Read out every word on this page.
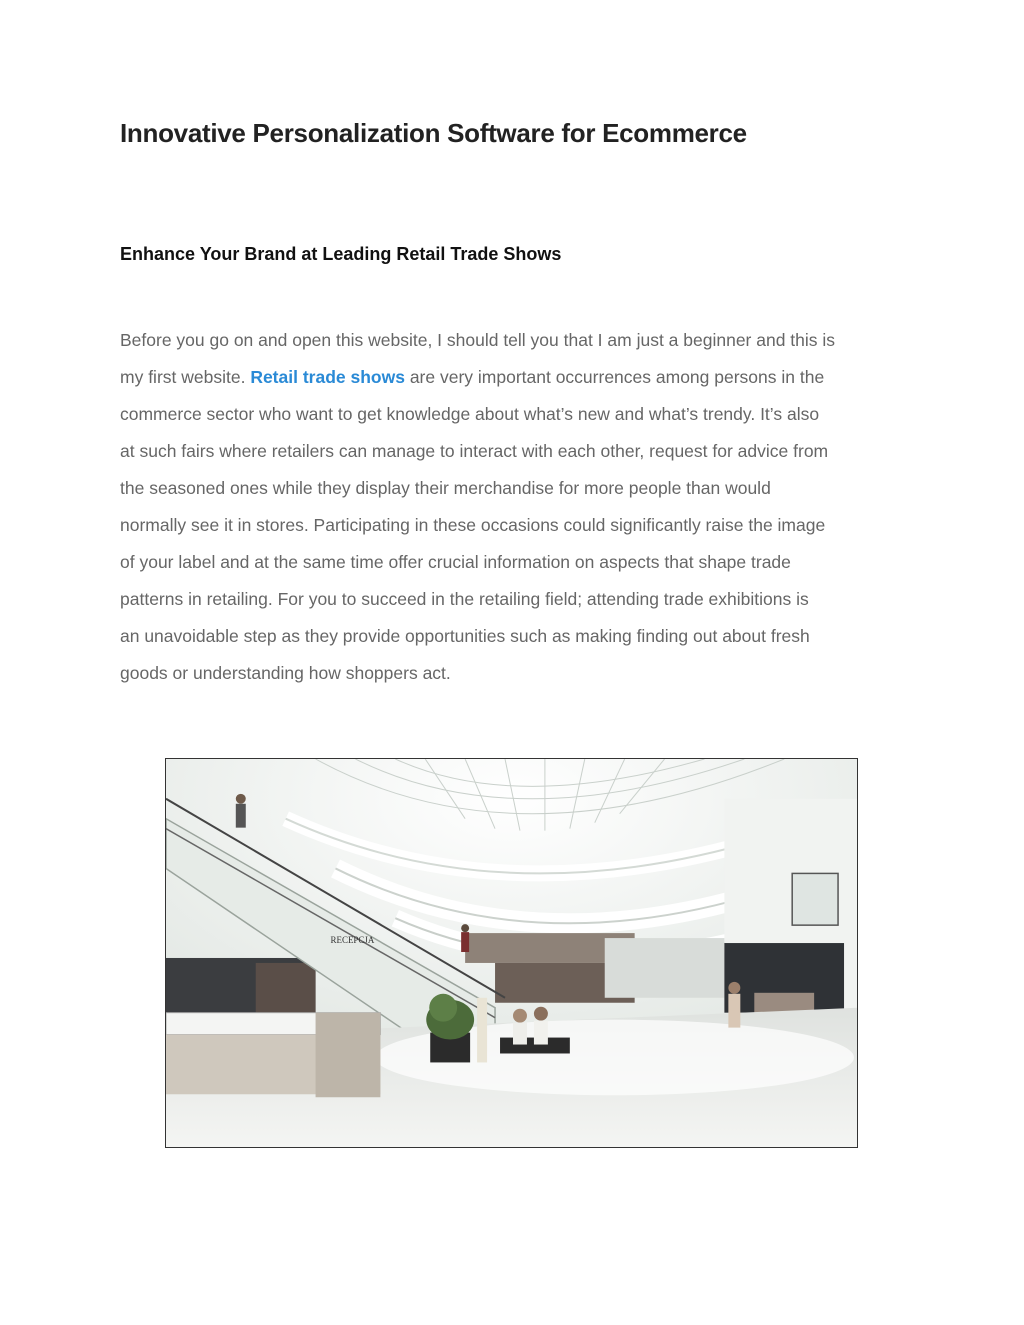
Innovative Personalization Software for Ecommerce
Enhance Your Brand at Leading Retail Trade Shows
Before you go on and open this website, I should tell you that I am just a beginner and this is
my first website. Retail trade shows are very important occurrences among persons in the
commerce sector who want to get knowledge about what’s new and what’s trendy. It’s also
at such fairs where retailers can manage to interact with each other, request for advice from
the seasoned ones while they display their merchandise for more people than would
normally see it in stores. Participating in these occasions could significantly raise the image
of your label and at the same time offer crucial information on aspects that shape trade
patterns in retailing. For you to succeed in the retailing field; attending trade exhibitions is
an unavoidable step as they provide opportunities such as making finding out about fresh
goods or understanding how shoppers act.
RECEPCJA
